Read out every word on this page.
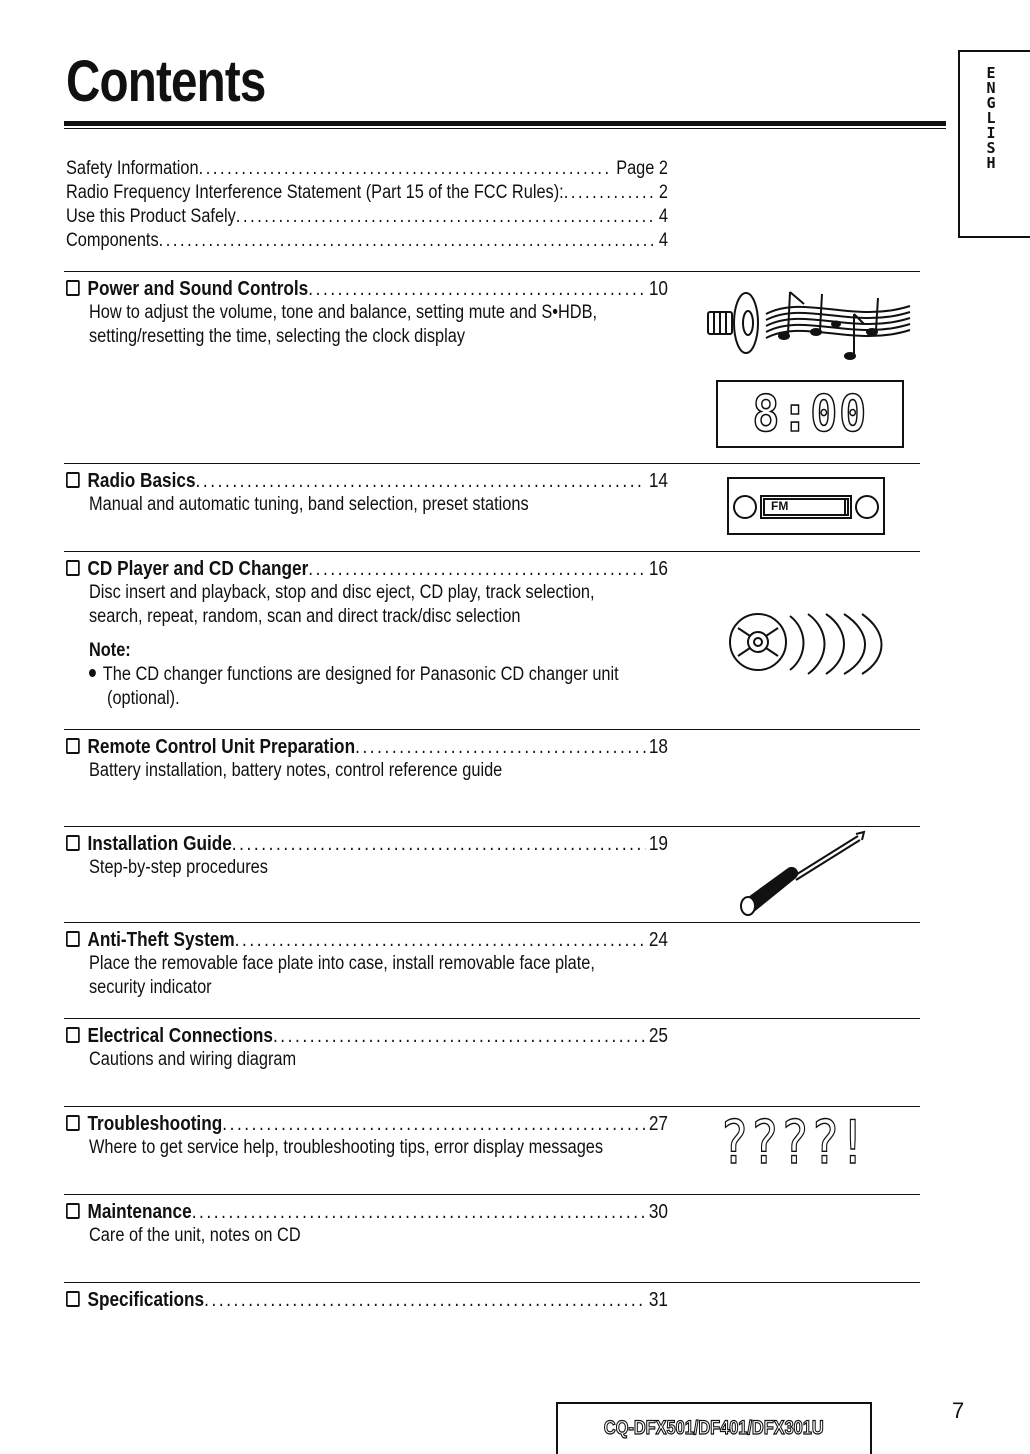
Contents	ENGLISH
Safety Information .....	Page 2
Radio Frequency Interference Statement (Part 15 of the FCC Rules): .....	2
Use this Product Safely .....	4
Components .....	4
Power and Sound Controls .....	10
How to adjust the volume, tone and balance, setting mute and S•HDB,
setting/resetting the time, selecting the clock display
8:00
Radio Basics .....	14
Manual and automatic tuning, band selection, preset stations	FM
CD Player and CD Changer .....	16
Disc insert and playback, stop and disc eject, CD play, track selection,
search, repeat, random, scan and direct track/disc selection
Note:
The CD changer functions are designed for Panasonic CD changer unit
(optional).
Remote Control Unit Preparation .....	18
Battery installation, battery notes, control reference guide
Installation Guide .....	19
Step-by-step procedures
Anti-Theft System .....	24
Place the removable face plate into case, install removable face plate,
security indicator
Electrical Connections .....	25
Cautions and wiring diagram
Troubleshooting .....	27
Where to get service help, troubleshooting tips, error display messages ????!
Maintenance .....	30
Care of the unit, notes on CD
Specifications .....	31
CQ-DFX501/DF401/DFX301U
7
